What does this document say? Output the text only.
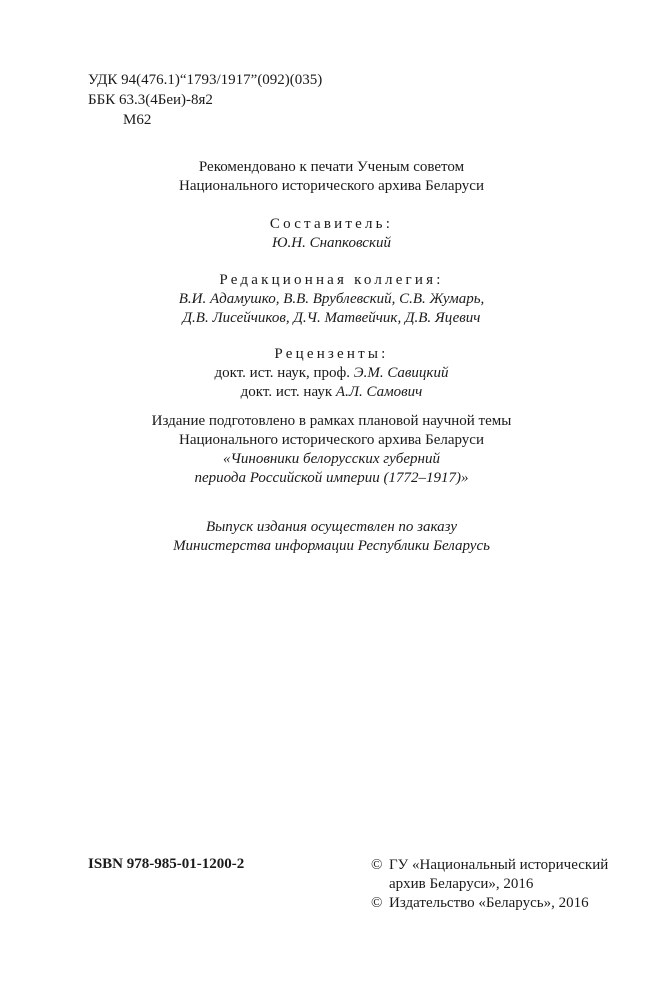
УДК 94(476.1)“1793/1917”(092)(035)
ББК 63.3(4Беи)-8я2
М62
Рекомендовано к печати Ученым советом
Национального исторического архива Беларуси
Составитель:
Ю.Н. Снапковский
Редакционная коллегия:
В.И. Адамушко, В.В. Врублевский, С.В. Жумарь,
Д.В. Лисейчиков, Д.Ч. Матвейчик, Д.В. Яцевич
Рецензенты:
докт. ист. наук, проф. Э.М. Савицкий
докт. ист. наук А.Л. Самович
Издание подготовлено в рамках плановой научной темы
Национального исторического архива Беларуси
«Чиновники белорусских губерний
периода Российской империи (1772–1917)»
Выпуск издания осуществлен по заказу
Министерства информации Республики Беларусь
ISBN 978-985-01-1200-2	© ГУ «Национальный исторический
архив Беларуси», 2016
© Издательство «Беларусь», 2016
